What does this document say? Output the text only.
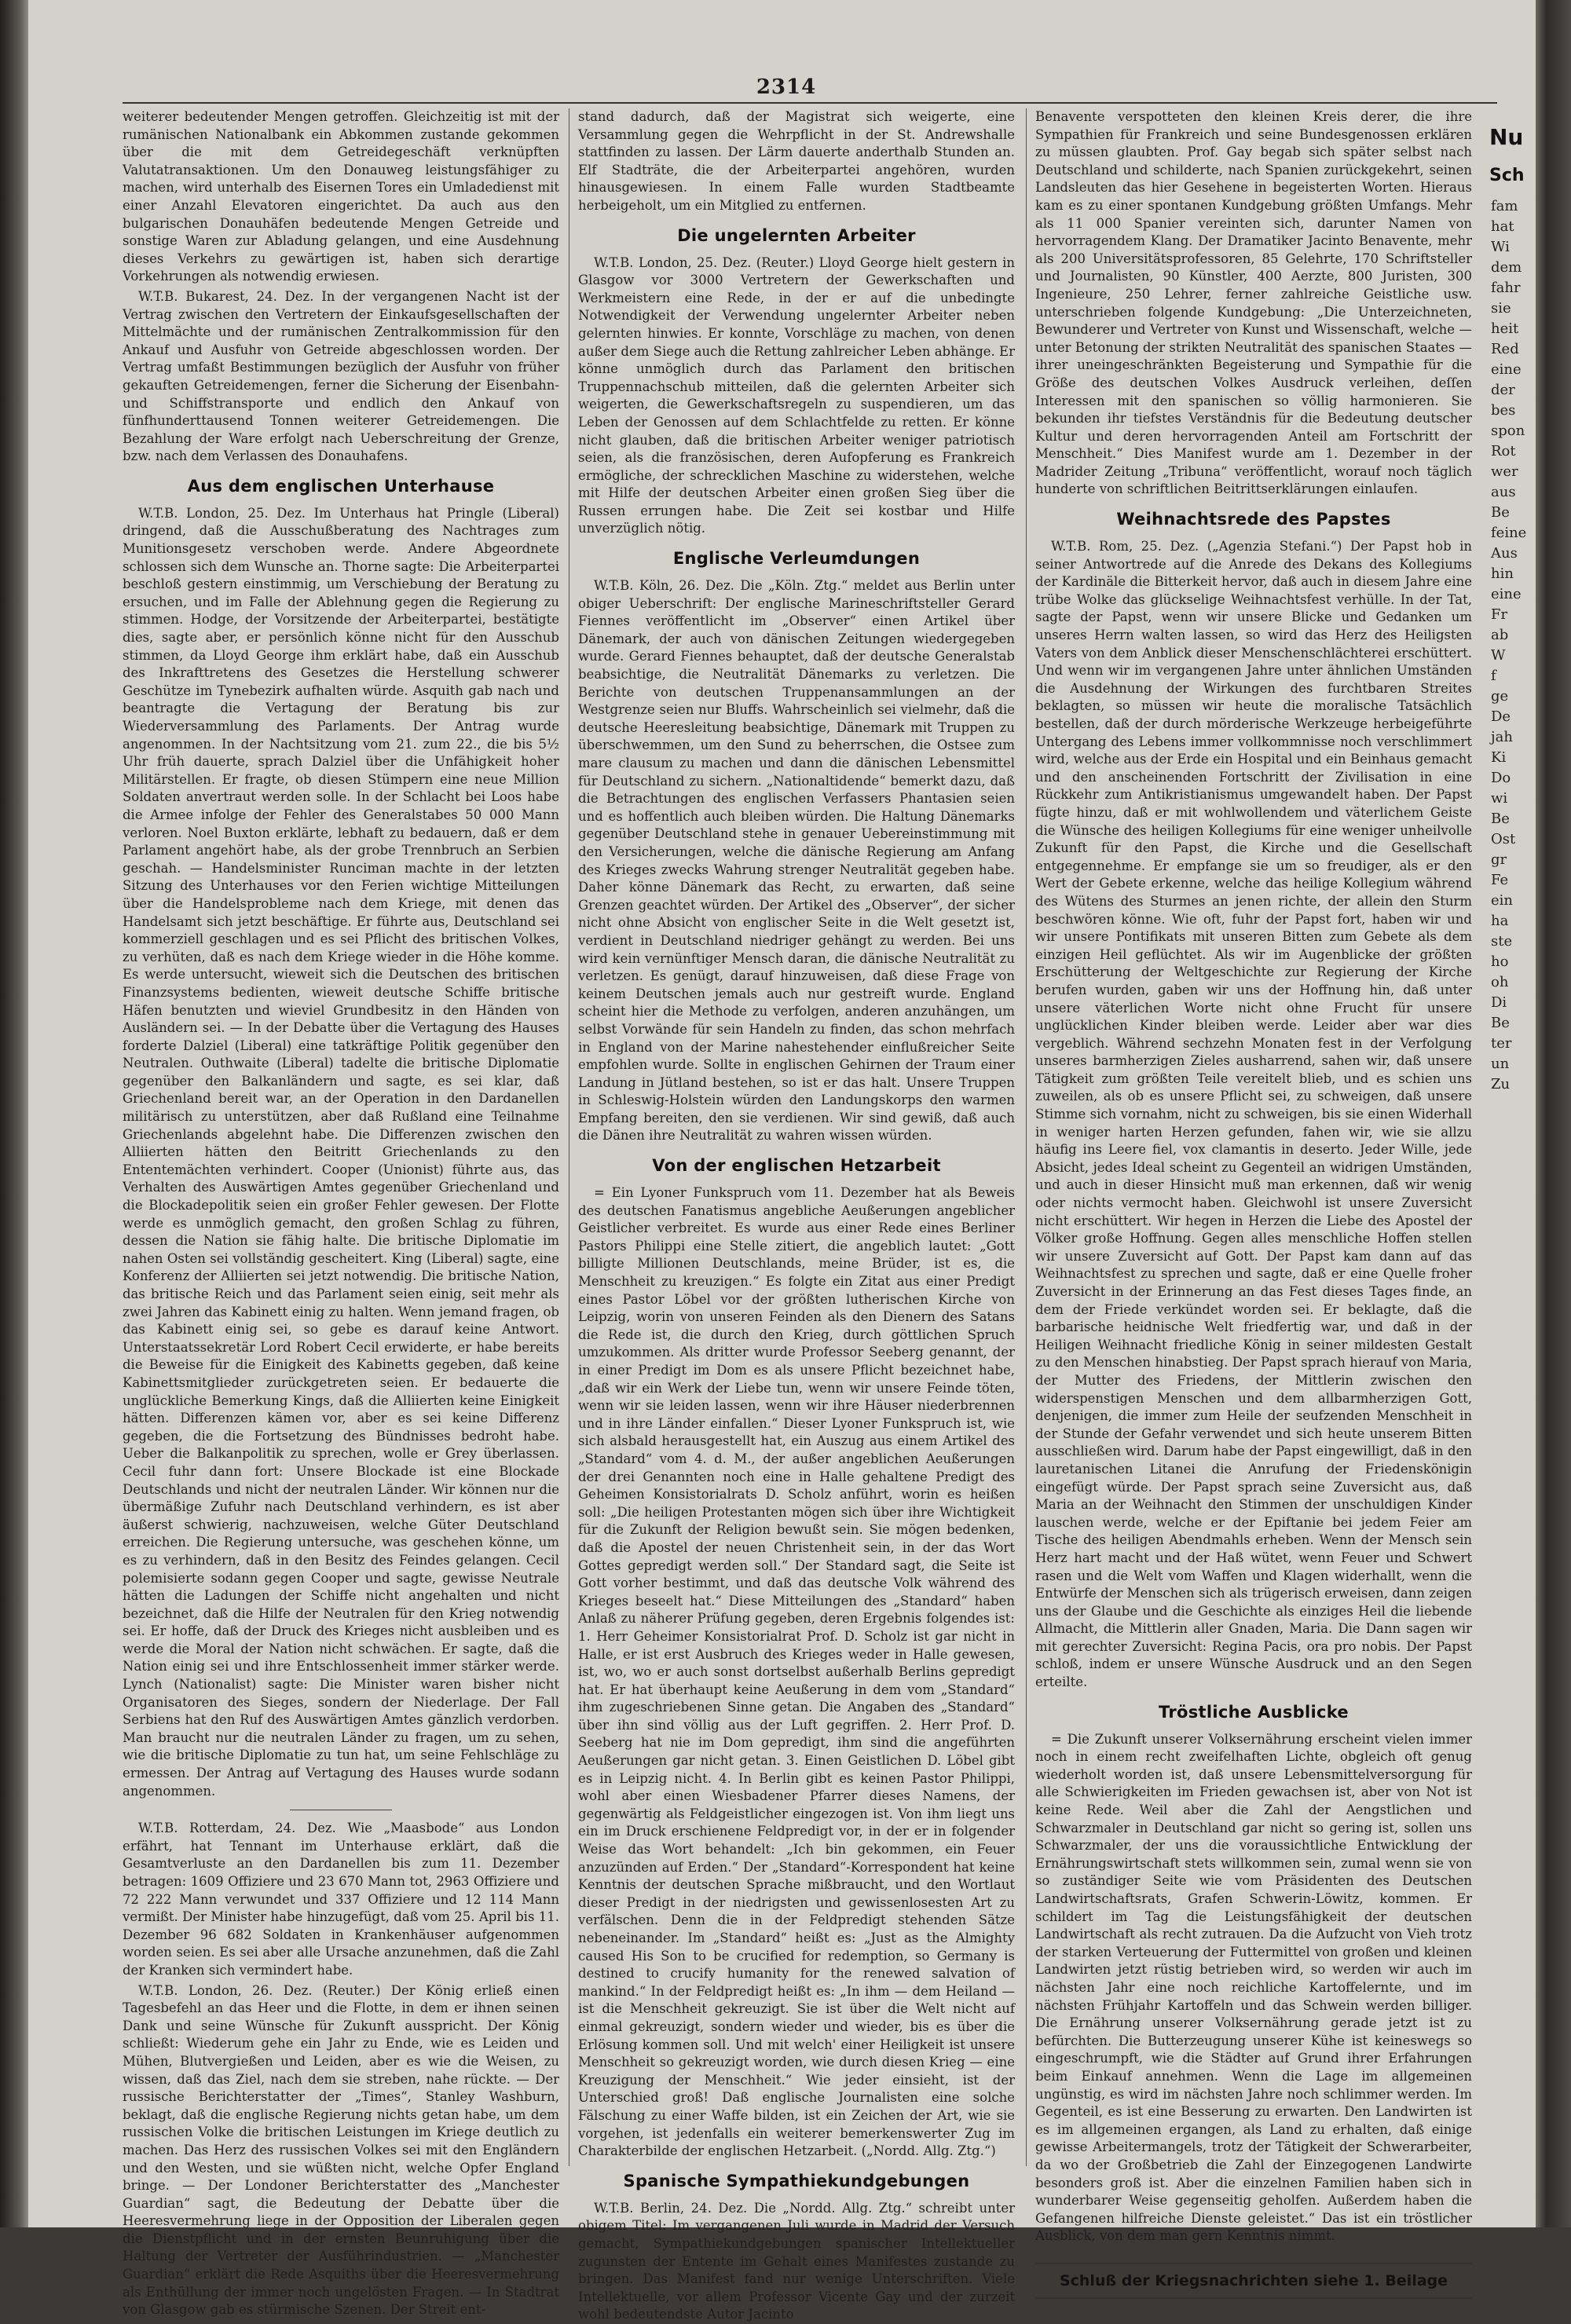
2314

weiterer bedeutender Mengen getroffen. Gleichzeitig ist mit der rumänischen Nationalbank ein Abkommen zustande gekommen über die mit dem Getreidegeschäft verknüpften Valutatransaktionen. Um den Donauweg leistungsfähiger zu machen, wird unterhalb des Eisernen Tores ein Umladedienst mit einer Anzahl Elevatoren eingerichtet. Da auch aus den bulgarischen Donauhäfen bedeutende Mengen Getreide und sonstige Waren zur Abladung gelangen, und eine Ausdehnung dieses Verkehrs zu gewärtigen ist, haben sich derartige Vorkehrungen als notwendig erwiesen.

W.T.B. Bukarest, 24. Dez. In der vergangenen Nacht ist der Vertrag zwischen den Vertretern der Einkaufsgesellschaften der Mittelmächte und der rumänischen Zentralkommission für den Ankauf und Ausfuhr von Getreide abgeschlossen worden. Der Vertrag umfaßt Bestimmungen bezüglich der Ausfuhr von früher gekauften Getreidemengen, ferner die Sicherung der Eisenbahn- und Schiffstransporte und endlich den Ankauf von fünfhunderttausend Tonnen weiterer Getreidemengen. Die Bezahlung der Ware erfolgt nach Ueberschreitung der Grenze, bzw. nach dem Verlassen des Donauhafens.

Aus dem englischen Unterhause

W.T.B. London, 25. Dez. Im Unterhaus hat Pringle (Liberal) dringend, daß die Ausschußberatung des Nachtrages zum Munitionsgesetz verschoben werde. Andere Abgeordnete schlossen sich dem Wunsche an. Thorne sagte: Die Arbeiterpartei beschloß gestern einstimmig, um Verschiebung der Beratung zu ersuchen, und im Falle der Ablehnung gegen die Regierung zu stimmen. Hodge, der Vorsitzende der Arbeiterpartei, bestätigte dies, sagte aber, er persönlich könne nicht für den Ausschub stimmen, da Lloyd George ihm erklärt habe, daß ein Ausschub des Inkrafttretens des Gesetzes die Herstellung schwerer Geschütze im Tynebezirk aufhalten würde. Asquith gab nach und beantragte die Vertagung der Beratung bis zur Wiederversammlung des Parlaments. Der Antrag wurde angenommen. In der Nachtsitzung vom 21. zum 22., die bis 5½ Uhr früh dauerte, sprach Dalziel über die Unfähigkeit hoher Militärstellen. Er fragte, ob diesen Stümpern eine neue Million Soldaten anvertraut werden solle. In der Schlacht bei Loos habe die Armee infolge der Fehler des Generalstabes 50 000 Mann verloren. Noel Buxton erklärte, lebhaft zu bedauern, daß er dem Parlament angehört habe, als der grobe Trennbruch an Serbien geschah. — Handelsminister Runciman machte in der letzten Sitzung des Unterhauses vor den Ferien wichtige Mitteilungen über die Handelsprobleme nach dem Kriege, mit denen das Handelsamt sich jetzt beschäftige. Er führte aus, Deutschland sei kommerziell geschlagen und es sei Pflicht des britischen Volkes, zu verhüten, daß es nach dem Kriege wieder in die Höhe komme. Es werde untersucht, wieweit sich die Deutschen des britischen Finanzsystems bedienten, wieweit deutsche Schiffe britische Häfen benutzten und wieviel Grundbesitz in den Händen von Ausländern sei. — In der Debatte über die Vertagung des Hauses forderte Dalziel (Liberal) eine tatkräftige Politik gegenüber den Neutralen. Outhwaite (Liberal) tadelte die britische Diplomatie gegenüber den Balkanländern und sagte, es sei klar, daß Griechenland bereit war, an der Operation in den Dardanellen militärisch zu unterstützen, aber daß Rußland eine Teilnahme Griechenlands abgelehnt habe. Die Differenzen zwischen den Alliierten hätten den Beitritt Griechenlands zu den Ententemächten verhindert. Cooper (Unionist) führte aus, das Verhalten des Auswärtigen Amtes gegenüber Griechenland und die Blockadepolitik seien ein großer Fehler gewesen. Der Flotte werde es unmöglich gemacht, den großen Schlag zu führen, dessen die Nation sie fähig halte. Die britische Diplomatie im nahen Osten sei vollständig gescheitert. King (Liberal) sagte, eine Konferenz der Alliierten sei jetzt notwendig. Die britische Nation, das britische Reich und das Parlament seien einig, seit mehr als zwei Jahren das Kabinett einig zu halten. Wenn jemand fragen, ob das Kabinett einig sei, so gebe es darauf keine Antwort. Unterstaatssekretär Lord Robert Cecil erwiderte, er habe bereits die Beweise für die Einigkeit des Kabinetts gegeben, daß keine Kabinettsmitglieder zurückgetreten seien. Er bedauerte die unglückliche Bemerkung Kings, daß die Alliierten keine Einigkeit hätten. Differenzen kämen vor, aber es sei keine Differenz gegeben, die die Fortsetzung des Bündnisses bedroht habe. Ueber die Balkanpolitik zu sprechen, wolle er Grey überlassen. Cecil fuhr dann fort: Unsere Blockade ist eine Blockade Deutschlands und nicht der neutralen Länder. Wir können nur die übermäßige Zufuhr nach Deutschland verhindern, es ist aber äußerst schwierig, nachzuweisen, welche Güter Deutschland erreichen. Die Regierung untersuche, was geschehen könne, um es zu verhindern, daß in den Besitz des Feindes gelangen. Cecil polemisierte sodann gegen Cooper und sagte, gewisse Neutrale hätten die Ladungen der Schiffe nicht angehalten und nicht bezeichnet, daß die Hilfe der Neutralen für den Krieg notwendig sei. Er hoffe, daß der Druck des Krieges nicht ausbleiben und es werde die Moral der Nation nicht schwächen. Er sagte, daß die Nation einig sei und ihre Entschlossenheit immer stärker werde. Lynch (Nationalist) sagte: Die Minister waren bisher nicht Organisatoren des Sieges, sondern der Niederlage. Der Fall Serbiens hat den Ruf des Auswärtigen Amtes gänzlich verdorben. Man braucht nur die neutralen Länder zu fragen, um zu sehen, wie die britische Diplomatie zu tun hat, um seine Fehlschläge zu ermessen. Der Antrag auf Vertagung des Hauses wurde sodann angenommen.

W.T.B. Rotterdam, 24. Dez. Wie „Maasbode“ aus London erfährt, hat Tennant im Unterhause erklärt, daß die Gesamtverluste an den Dardanellen bis zum 11. Dezember betragen: 1609 Offiziere und 23 670 Mann tot, 2963 Offiziere und 72 222 Mann verwundet und 337 Offiziere und 12 114 Mann vermißt. Der Minister habe hinzugefügt, daß vom 25. April bis 11. Dezember 96 682 Soldaten in Krankenhäuser aufgenommen worden seien. Es sei aber alle Ursache anzunehmen, daß die Zahl der Kranken sich vermindert habe.

W.T.B. London, 26. Dez. (Reuter.) Der König erließ einen Tagesbefehl an das Heer und die Flotte, in dem er ihnen seinen Dank und seine Wünsche für Zukunft ausspricht. Der König schließt: Wiederum gehe ein Jahr zu Ende, wie es Leiden und Mühen, Blutvergießen und Leiden, aber es wie die Weisen, zu wissen, daß das Ziel, nach dem sie streben, nahe rückte. — Der russische Berichterstatter der „Times“, Stanley Washburn, beklagt, daß die englische Regierung nichts getan habe, um dem russischen Volke die britischen Leistungen im Kriege deutlich zu machen. Das Herz des russischen Volkes sei mit den Engländern und den Westen, und sie wüßten nicht, welche Opfer England bringe. — Der Londoner Berichterstatter des „Manchester Guardian“ sagt, die Bedeutung der Debatte über die Heeresvermehrung liege in der Opposition der Liberalen gegen die Dienstpflicht und in der ernsten Beunruhigung über die Haltung der Vertreter der Ausführindustrien. — „Manchester Guardian“ erklärt die Rede Asquiths über die Heeresvermehrung als Enthüllung der immer noch ungelösten Fragen. — In Stadtrat von Glasgow gab es stürmische Szenen. Der Streit ent-

stand dadurch, daß der Magistrat sich weigerte, eine Versammlung gegen die Wehrpflicht in der St. Andrewshalle stattfinden zu lassen. Der Lärm dauerte anderthalb Stunden an. Elf Stadträte, die der Arbeiterpartei angehören, wurden hinausgewiesen. In einem Falle wurden Stadtbeamte herbeigeholt, um ein Mitglied zu entfernen.

Die ungelernten Arbeiter

W.T.B. London, 25. Dez. (Reuter.) Lloyd George hielt gestern in Glasgow vor 3000 Vertretern der Gewerkschaften und Werkmeistern eine Rede, in der er auf die unbedingte Notwendigkeit der Verwendung ungelernter Arbeiter neben gelernten hinwies. Er konnte, Vorschläge zu machen, von denen außer dem Siege auch die Rettung zahlreicher Leben abhänge. Er könne unmöglich durch das Parlament den britischen Truppennachschub mitteilen, daß die gelernten Arbeiter sich weigerten, die Gewerkschaftsregeln zu suspendieren, um das Leben der Genossen auf dem Schlachtfelde zu retten. Er könne nicht glauben, daß die britischen Arbeiter weniger patriotisch seien, als die französischen, deren Aufopferung es Frankreich ermögliche, der schrecklichen Maschine zu widerstehen, welche mit Hilfe der deutschen Arbeiter einen großen Sieg über die Russen errungen habe. Die Zeit sei kostbar und Hilfe unverzüglich nötig.

Englische Verleumdungen

W.T.B. Köln, 26. Dez. Die „Köln. Ztg.“ meldet aus Berlin unter obiger Ueberschrift: Der englische Marineschriftsteller Gerard Fiennes veröffentlicht im „Observer“ einen Artikel über Dänemark, der auch von dänischen Zeitungen wiedergegeben wurde. Gerard Fiennes behauptet, daß der deutsche Generalstab beabsichtige, die Neutralität Dänemarks zu verletzen. Die Berichte von deutschen Truppenansammlungen an der Westgrenze seien nur Bluffs. Wahrscheinlich sei vielmehr, daß die deutsche Heeresleitung beabsichtige, Dänemark mit Truppen zu überschwemmen, um den Sund zu beherrschen, die Ostsee zum mare clausum zu machen und dann die dänischen Lebensmittel für Deutschland zu sichern. „Nationaltidende“ bemerkt dazu, daß die Betrachtungen des englischen Verfassers Phantasien seien und es hoffentlich auch bleiben würden. Die Haltung Dänemarks gegenüber Deutschland stehe in genauer Uebereinstimmung mit den Versicherungen, welche die dänische Regierung am Anfang des Krieges zwecks Wahrung strenger Neutralität gegeben habe. Daher könne Dänemark das Recht, zu erwarten, daß seine Grenzen geachtet würden. Der Artikel des „Observer“, der sicher nicht ohne Absicht von englischer Seite in die Welt gesetzt ist, verdient in Deutschland niedriger gehängt zu werden. Bei uns wird kein vernünftiger Mensch daran, die dänische Neutralität zu verletzen. Es genügt, darauf hinzuweisen, daß diese Frage von keinem Deutschen jemals auch nur gestreift wurde. England scheint hier die Methode zu verfolgen, anderen anzuhängen, um selbst Vorwände für sein Handeln zu finden, das schon mehrfach in England von der Marine nahestehender einflußreicher Seite empfohlen wurde. Sollte in englischen Gehirnen der Traum einer Landung in Jütland bestehen, so ist er das halt. Unsere Truppen in Schleswig-Holstein würden den Landungskorps den warmen Empfang bereiten, den sie verdienen. Wir sind gewiß, daß auch die Dänen ihre Neutralität zu wahren wissen würden.

Von der englischen Hetzarbeit

= Ein Lyoner Funkspruch vom 11. Dezember hat als Beweis des deutschen Fanatismus angebliche Aeußerungen angeblicher Geistlicher verbreitet. Es wurde aus einer Rede eines Berliner Pastors Philippi eine Stelle zitiert, die angeblich lautet: „Gott billigte Millionen Deutschlands, meine Brüder, ist es, die Menschheit zu kreuzigen.“ Es folgte ein Zitat aus einer Predigt eines Pastor Löbel vor der größten lutherischen Kirche von Leipzig, worin von unseren Feinden als den Dienern des Satans die Rede ist, die durch den Krieg, durch göttlichen Spruch umzukommen. Als dritter wurde Professor Seeberg genannt, der in einer Predigt im Dom es als unsere Pflicht bezeichnet habe, „daß wir ein Werk der Liebe tun, wenn wir unsere Feinde töten, wenn wir sie leiden lassen, wenn wir ihre Häuser niederbrennen und in ihre Länder einfallen.“ Dieser Lyoner Funkspruch ist, wie sich alsbald herausgestellt hat, ein Auszug aus einem Artikel des „Standard“ vom 4. d. M., der außer angeblichen Aeußerungen der drei Genannten noch eine in Halle gehaltene Predigt des Geheimen Konsistorialrats D. Scholz anführt, worin es heißen soll: „Die heiligen Protestanten mögen sich über ihre Wichtigkeit für die Zukunft der Religion bewußt sein. Sie mögen bedenken, daß die Apostel der neuen Christenheit sein, in der das Wort Gottes gepredigt werden soll.“ Der Standard sagt, die Seite ist Gott vorher bestimmt, und daß das deutsche Volk während des Krieges beseelt hat.“ Diese Mitteilungen des „Standard“ haben Anlaß zu näherer Prüfung gegeben, deren Ergebnis folgendes ist: 1. Herr Geheimer Konsistorialrat Prof. D. Scholz ist gar nicht in Halle, er ist erst Ausbruch des Krieges weder in Halle gewesen, ist, wo, wo er auch sonst dortselbst außerhalb Berlins gepredigt hat. Er hat überhaupt keine Aeußerung in dem vom „Standard“ ihm zugeschriebenen Sinne getan. Die Angaben des „Standard“ über ihn sind völlig aus der Luft gegriffen. 2. Herr Prof. D. Seeberg hat nie im Dom gepredigt, ihm sind die angeführten Aeußerungen gar nicht getan. 3. Einen Geistlichen D. Löbel gibt es in Leipzig nicht. 4. In Berlin gibt es keinen Pastor Philippi, wohl aber einen Wiesbadener Pfarrer dieses Namens, der gegenwärtig als Feldgeistlicher eingezogen ist. Von ihm liegt uns ein im Druck erschienene Feldpredigt vor, in der er in folgender Weise das Wort behandelt: „Ich bin gekommen, ein Feuer anzuzünden auf Erden.“ Der „Standard“-Korrespondent hat keine Kenntnis der deutschen Sprache mißbraucht, und den Wortlaut dieser Predigt in der niedrigsten und gewissenlosesten Art zu verfälschen. Denn die in der Feldpredigt stehenden Sätze nebeneinander. Im „Standard“ heißt es: „Just as the Almighty caused His Son to be crucified for redemption, so Germany is destined to crucify humanity for the renewed salvation of mankind.“ In der Feldpredigt heißt es: „In ihm — dem Heiland — ist die Menschheit gekreuzigt. Sie ist über die Welt nicht auf einmal gekreuzigt, sondern wieder und wieder, bis es über die Erlösung kommen soll. Und mit welch' einer Heiligkeit ist unsere Menschheit so gekreuzigt worden, wie durch diesen Krieg — eine Kreuzigung der Menschheit.“ Wie jeder einsieht, ist der Unterschied groß! Daß englische Journalisten eine solche Fälschung zu einer Waffe bilden, ist ein Zeichen der Art, wie sie vorgehen, ist jedenfalls ein weiterer bemerkenswerter Zug im Charakterbilde der englischen Hetzarbeit. („Nordd. Allg. Ztg.“)

Spanische Sympathiekundgebungen

W.T.B. Berlin, 24. Dez. Die „Nordd. Allg. Ztg.“ schreibt unter obigem Titel: Im vergangenen Juli wurde in Madrid der Versuch gemacht, Sympathiekundgebungen spanischer Intellektueller zugunsten der Entente im Gehalt eines Manifestes zustande zu bringen. Das Manifest fand nur wenige Unterschriften. Viele Intellektuelle, vor allem Professor Vicente Gay und der zurzeit wohl bedeutendste Autor Jacinto

Benavente verspotteten den kleinen Kreis derer, die ihre Sympathien für Frankreich und seine Bundesgenossen erklären zu müssen glaubten. Prof. Gay begab sich später selbst nach Deutschland und schilderte, nach Spanien zurückgekehrt, seinen Landsleuten das hier Gesehene in begeisterten Worten. Hieraus kam es zu einer spontanen Kundgebung größten Umfangs. Mehr als 11 000 Spanier vereinten sich, darunter Namen von hervorragendem Klang. Der Dramatiker Jacinto Benavente, mehr als 200 Universitätsprofessoren, 85 Gelehrte, 170 Schriftsteller und Journalisten, 90 Künstler, 400 Aerzte, 800 Juristen, 300 Ingenieure, 250 Lehrer, ferner zahlreiche Geistliche usw. unterschrieben folgende Kundgebung: „Die Unterzeichneten, Bewunderer und Vertreter von Kunst und Wissenschaft, welche — unter Betonung der strikten Neutralität des spanischen Staates — ihrer uneingeschränkten Begeisterung und Sympathie für die Größe des deutschen Volkes Ausdruck verleihen, deſſen Interessen mit den spanischen so völlig harmonieren. Sie bekunden ihr tiefstes Verständnis für die Bedeutung deutscher Kultur und deren hervorragenden Anteil am Fortschritt der Menschheit.“ Dies Manifest wurde am 1. Dezember in der Madrider Zeitung „Tribuna“ veröffentlicht, worauf noch täglich hunderte von schriftlichen Beitrittserklärungen einlaufen.

Weihnachtsrede des Papstes

W.T.B. Rom, 25. Dez. („Agenzia Stefani.“) Der Papst hob in seiner Antwortrede auf die Anrede des Dekans des Kollegiums der Kardinäle die Bitterkeit hervor, daß auch in diesem Jahre eine trübe Wolke das glückselige Weihnachtsfest verhülle. In der Tat, sagte der Papst, wenn wir unsere Blicke und Gedanken um unseres Herrn walten lassen, so wird das Herz des Heiligsten Vaters von dem Anblick dieser Menschenschlächterei erschüttert. Und wenn wir im vergangenen Jahre unter ähnlichen Umständen die Ausdehnung der Wirkungen des furchtbaren Streites beklagten, so müssen wir heute die moralische Tatsächlich bestellen, daß der durch mörderische Werkzeuge herbeigeführte Untergang des Lebens immer vollkommnisse noch verschlimmert wird, welche aus der Erde ein Hospital und ein Beinhaus gemacht und den anscheinenden Fortschritt der Zivilisation in eine Rückkehr zum Antikristianismus umgewandelt haben. Der Papst fügte hinzu, daß er mit wohlwollendem und väterlichem Geiste die Wünsche des heiligen Kollegiums für eine weniger unheilvolle Zukunft für den Papst, die Kirche und die Gesellschaft entgegennehme. Er empfange sie um so freudiger, als er den Wert der Gebete erkenne, welche das heilige Kollegium während des Wütens des Sturmes an jenen richte, der allein den Sturm beschwören könne. Wie oft, fuhr der Papst fort, haben wir und wir unsere Pontifikats mit unseren Bitten zum Gebete als dem einzigen Heil geflüchtet. Als wir im Augenblicke der größten Erschütterung der Weltgeschichte zur Regierung der Kirche berufen wurden, gaben wir uns der Hoffnung hin, daß unter unsere väterlichen Worte nicht ohne Frucht für unsere unglücklichen Kinder bleiben werde. Leider aber war dies vergeblich. Während sechzehn Monaten fest in der Verfolgung unseres barmherzigen Zieles ausharrend, sahen wir, daß unsere Tätigkeit zum größten Teile vereitelt blieb, und es schien uns zuweilen, als ob es unsere Pflicht sei, zu schweigen, daß unsere Stimme sich vornahm, nicht zu schweigen, bis sie einen Widerhall in weniger harten Herzen gefunden, fahen wir, wie sie allzu häufig ins Leere fiel, vox clamantis in deserto. Jeder Wille, jede Absicht, jedes Ideal scheint zu Gegenteil an widrigen Umständen, und auch in dieser Hinsicht muß man erkennen, daß wir wenig oder nichts vermocht haben. Gleichwohl ist unsere Zuversicht nicht erschüttert. Wir hegen in Herzen die Liebe des Apostel der Völker große Hoffnung. Gegen alles menschliche Hoffen stellen wir unsere Zuversicht auf Gott. Der Papst kam dann auf das Weihnachtsfest zu sprechen und sagte, daß er eine Quelle froher Zuversicht in der Erinnerung an das Fest dieses Tages finde, an dem der Friede verkündet worden sei. Er beklagte, daß die barbarische heidnische Welt friedfertig war, und daß in der Heiligen Weihnacht friedliche König in seiner mildesten Gestalt zu den Menschen hinabstieg. Der Papst sprach hierauf von Maria, der Mutter des Friedens, der Mittlerin zwischen den widerspenstigen Menschen und dem allbarmherzigen Gott, denjenigen, die immer zum Heile der seufzenden Menschheit in der Stunde der Gefahr verwendet und sich heute unserem Bitten ausschließen wird. Darum habe der Papst eingewilligt, daß in den lauretanischen Litanei die Anrufung der Friedenskönigin eingefügt würde. Der Papst sprach seine Zuversicht aus, daß Maria an der Weihnacht den Stimmen der unschuldigen Kinder lauschen werde, welche er der Epiftanie bei jedem Feier am Tische des heiligen Abendmahls erheben. Wenn der Mensch sein Herz hart macht und der Haß wütet, wenn Feuer und Schwert rasen und die Welt vom Waffen und Klagen widerhallt, wenn die Entwürfe der Menschen sich als trügerisch erweisen, dann zeigen uns der Glaube und die Geschichte als einziges Heil die liebende Allmacht, die Mittlerin aller Gnaden, Maria. Die Dann sagen wir mit gerechter Zuversicht: Regina Pacis, ora pro nobis. Der Papst schloß, indem er unsere Wünsche Ausdruck und an den Segen erteilte.

Tröstliche Ausblicke

= Die Zukunft unserer Volksernährung erscheint vielen immer noch in einem recht zweifelhaften Lichte, obgleich oft genug wiederholt worden ist, daß unsere Lebensmittelversorgung für alle Schwierigkeiten im Frieden gewachsen ist, aber von Not ist keine Rede. Weil aber die Zahl der Aengstlichen und Schwarzmaler in Deutschland gar nicht so gering ist, sollen uns Schwarzmaler, der uns die voraussichtliche Entwicklung der Ernährungswirtschaft stets willkommen sein, zumal wenn sie von so zuständiger Seite wie vom Präsidenten des Deutschen Landwirtschaftsrats, Grafen Schwerin-Löwitz, kommen. Er schildert im Tag die Leistungsfähigkeit der deutschen Landwirtschaft als recht zutrauen. Da die Aufzucht von Vieh trotz der starken Verteuerung der Futtermittel von großen und kleinen Landwirten jetzt rüstig betrieben wird, so werden wir auch im nächsten Jahr eine noch reichliche Kartoffelernte, und im nächsten Frühjahr Kartoffeln und das Schwein werden billiger. Die Ernährung unserer Volksernährung gerade jetzt ist zu befürchten. Die Butterzeugung unserer Kühe ist keineswegs so eingeschrumpft, wie die Städter auf Grund ihrer Erfahrungen beim Einkauf annehmen. Wenn die Lage im allgemeinen ungünstig, es wird im nächsten Jahre noch schlimmer werden. Im Gegenteil, es ist eine Besserung zu erwarten. Den Landwirten ist es im allgemeinen ergangen, als Land zu erhalten, daß einige gewisse Arbeitermangels, trotz der Tätigkeit der Schwerarbeiter, da wo der Großbetrieb die Zahl der Einzegogenen Landwirte besonders groß ist. Aber die einzelnen Familien haben sich in wunderbarer Weise gegenseitig geholfen. Außerdem haben die Gefangenen hilfreiche Dienste geleistet.“ Das ist ein tröstlicher Ausblick, von dem man gern Kenntnis nimmt.

Schluß der Kriegsnachrichten siehe 1. Beilage
Nu
Sch
fam
hat
Wi
dem
fahr
sie
heit
Red
eine
der
bes
spon
Rot
wer
aus
Be
feine
Aus
hin
eine
Fr
ab
W
f
ge
De
jah
Ki
Do
wi
Be
Ost
gr
Fe
ein
ha
ste
ho
oh
Di
Be
ter
un
Zu
